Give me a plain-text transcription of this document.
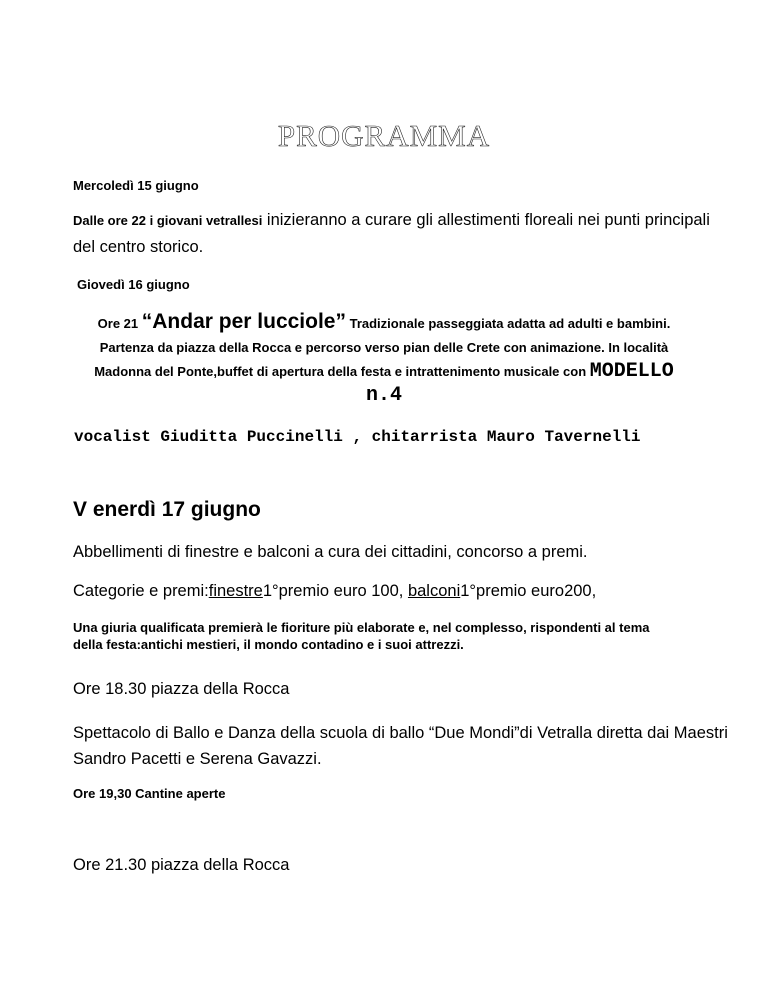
PROGRAMMA
Mercoledì 15 giugno
Dalle ore 22 i giovani vetrallesi inizieranno a curare gli allestimenti floreali nei punti principali del centro storico.
Giovedì 16 giugno
Ore 21 “Andar per lucciole” Tradizionale passeggiata adatta ad adulti e bambini. Partenza da piazza della Rocca e percorso verso pian delle Crete con animazione. In località Madonna del Ponte,buffet di apertura della festa e intrattenimento musicale con MODELLO n.4
vocalist Giuditta Puccinelli , chitarrista Mauro Tavernelli
V enerdì 17 giugno
Abbellimenti di finestre e balconi a cura dei cittadini, concorso a premi.
Categorie e premi:finestre1°premio euro 100, balconi1°premio euro200,
Una giuria qualificata premierà le fioriture più elaborate e, nel complesso, rispondenti al tema della festa:antichi mestieri, il mondo contadino e i suoi attrezzi.
Ore 18.30 piazza della Rocca
Spettacolo di Ballo e Danza della scuola di ballo “Due Mondi”di Vetralla diretta dai Maestri Sandro Pacetti e Serena Gavazzi.
Ore 19,30 Cantine aperte
Ore 21.30 piazza della Rocca
